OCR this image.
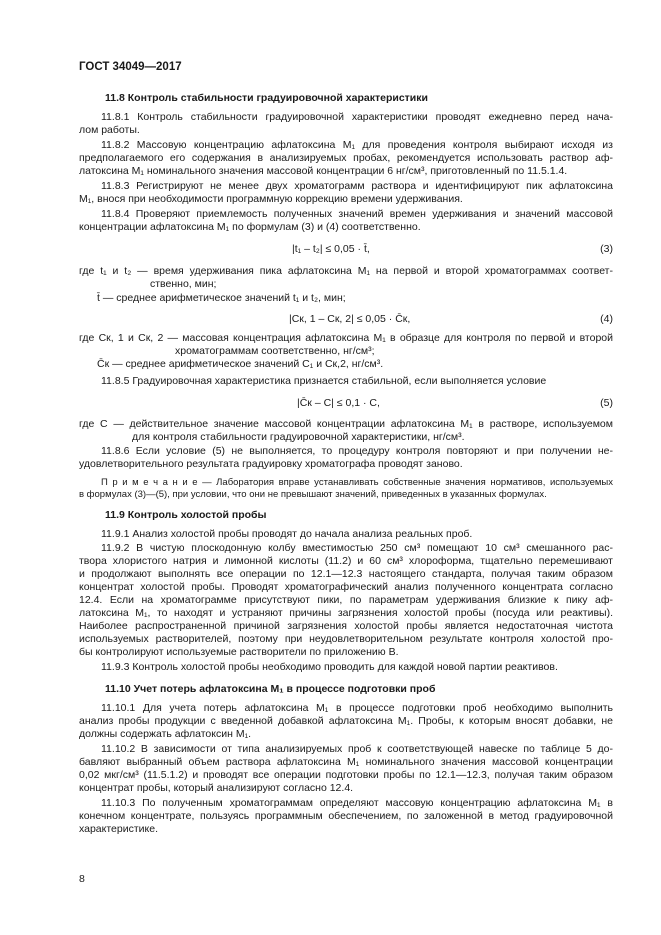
ГОСТ 34049—2017
11.8 Контроль стабильности градуировочной характеристики
11.8.1 Контроль стабильности градуировочной характеристики проводят ежедневно перед нача-
лом работы.
11.8.2 Массовую концентрацию афлатоксина M₁ для проведения контроля выбирают исходя из
предполагаемого его содержания в анализируемых пробах, рекомендуется использовать раствор аф-
латоксина M₁ номинального значения массовой концентрации 6 нг/см³, приготовленный по 11.5.1.4.
11.8.3 Регистрируют не менее двух хроматограмм раствора и идентифицируют пик афлатоксина
M₁, внося при необходимости программную коррекцию времени удерживания.
11.8.4 Проверяют приемлемость полученных значений времен удерживания и значений массовой
концентрации афлатоксина M₁ по формулам (3) и (4) соответственно.
|t₁ – t₂| ≤ 0,05 · t̄,	(3)
где t₁ и t₂ — время удерживания пика афлатоксина M₁ на первой и второй хроматограммах соответ-
ственно, мин;
t̄ — среднее арифметическое значений t₁ и t₂, мин;
|Cк, 1 – Cк, 2| ≤ 0,05 · C̄к,	(4)
где Cк, 1 и Cк, 2 — массовая концентрация афлатоксина M₁ в образце для контроля по первой и второй
хроматограммам соответственно, нг/см³;
C̄к — среднее арифметическое значений C₁ и Cк,2, нг/см³.
11.8.5 Градуировочная характеристика признается стабильной, если выполняется условие
|C̄к – C| ≤ 0,1 · C,	(5)
где C — действительное значение массовой концентрации афлатоксина M₁ в растворе, используемом
для контроля стабильности градуировочной характеристики, нг/см³.
11.8.6 Если условие (5) не выполняется, то процедуру контроля повторяют и при получении не-
удовлетворительного результата градуировку хроматографа проводят заново.
П р и м е ч а н и е — Лаборатория вправе устанавливать собственные значения нормативов, используемых
в формулах (3)—(5), при условии, что они не превышают значений, приведенных в указанных формулах.
11.9 Контроль холостой пробы
11.9.1 Анализ холостой пробы проводят до начала анализа реальных проб.
11.9.2 В чистую плоскодонную колбу вместимостью 250 см³ помещают 10 см³ смешанного рас-
твора хлористого натрия и лимонной кислоты (11.2) и 60 см³ хлороформа, тщательно перемешивают
и продолжают выполнять все операции по 12.1—12.3 настоящего стандарта, получая таким образом
концентрат холостой пробы. Проводят хроматографический анализ полученного концентрата согласно
12.4. Если на хроматограмме присутствуют пики, по параметрам удерживания близкие к пику аф-
латоксина M₁, то находят и устраняют причины загрязнения холостой пробы (посуда или реактивы).
Наиболее распространенной причиной загрязнения холостой пробы является недостаточная чистота
используемых растворителей, поэтому при неудовлетворительном результате контроля холостой про-
бы контролируют используемые растворители по приложению В.
11.9.3 Контроль холостой пробы необходимо проводить для каждой новой партии реактивов.
11.10 Учет потерь афлатоксина M₁ в процессе подготовки проб
11.10.1 Для учета потерь афлатоксина M₁ в процессе подготовки проб необходимо выполнить
анализ пробы продукции с введенной добавкой афлатоксина M₁. Пробы, к которым вносят добавки, не
должны содержать афлатоксин M₁.
11.10.2 В зависимости от типа анализируемых проб к соответствующей навеске по таблице 5 до-
бавляют выбранный объем раствора афлатоксина M₁ номинального значения массовой концентрации
0,02 мкг/см³ (11.5.1.2) и проводят все операции подготовки пробы по 12.1—12.3, получая таким образом
концентрат пробы, который анализируют согласно 12.4.
11.10.3 По полученным хроматограммам определяют массовую концентрацию афлатоксина M₁ в
конечном концентрате, пользуясь программным обеспечением, по заложенной в метод градуировочной
характеристике.
8
